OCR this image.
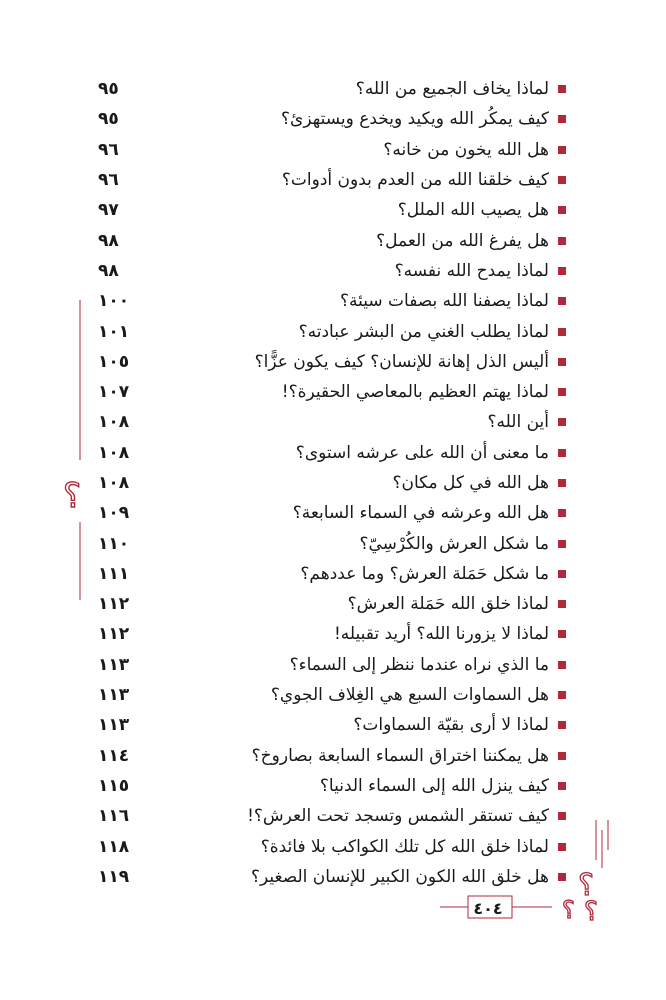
؟
لماذا يخاف الجميع من الله؟
٩٥
كيف يمكُر الله ويكيد ويخدع ويستهزئ؟
٩٥
هل الله يخون من خانه؟
٩٦
كيف خلقنا الله من العدم بدون أدوات؟
٩٦
هل يصيب الله الملل؟
٩٧
هل يفرغ الله من العمل؟
٩٨
لماذا يمدح الله نفسه؟
٩٨
لماذا يصفنا الله بصفات سيئة؟
١٠٠
لماذا يطلب الغني من البشر عبادته؟
١٠١
أليس الذل إهانة للإنسان؟ كيف يكون عزًّا؟
١٠٥
لماذا يهتم العظيم بالمعاصي الحقيرة؟!
١٠٧
أين الله؟
١٠٨
ما معنى أن الله على عرشه استوى؟
١٠٨
هل الله في كل مكان؟
١٠٨
هل الله وعرشه في السماء السابعة؟
١٠٩
ما شكل العرش والكُرْسِيّ؟
١١٠
ما شكل حَمَلة العرش؟ وما عددهم؟
١١١
لماذا خلق الله حَمَلة العرش؟
١١٢
لماذا لا يزورنا الله؟ أريد تقبيله!
١١٢
ما الذي نراه عندما ننظر إلى السماء؟
١١٣
هل السماوات السبع هي الغِلاف الجوي؟
١١٣
لماذا لا أرى بقيّة السماوات؟
١١٣
هل يمكننا اختراق السماء السابعة بصاروخ؟
١١٤
كيف ينزل الله إلى السماء الدنيا؟
١١٥
كيف تستقر الشمس وتسجد تحت العرش؟!
١١٦
لماذا خلق الله كل تلك الكواكب بلا فائدة؟
١١٨
هل خلق الله الكون الكبير للإنسان الصغير؟
١١٩	؟
؟ ؟
٤٠٤
